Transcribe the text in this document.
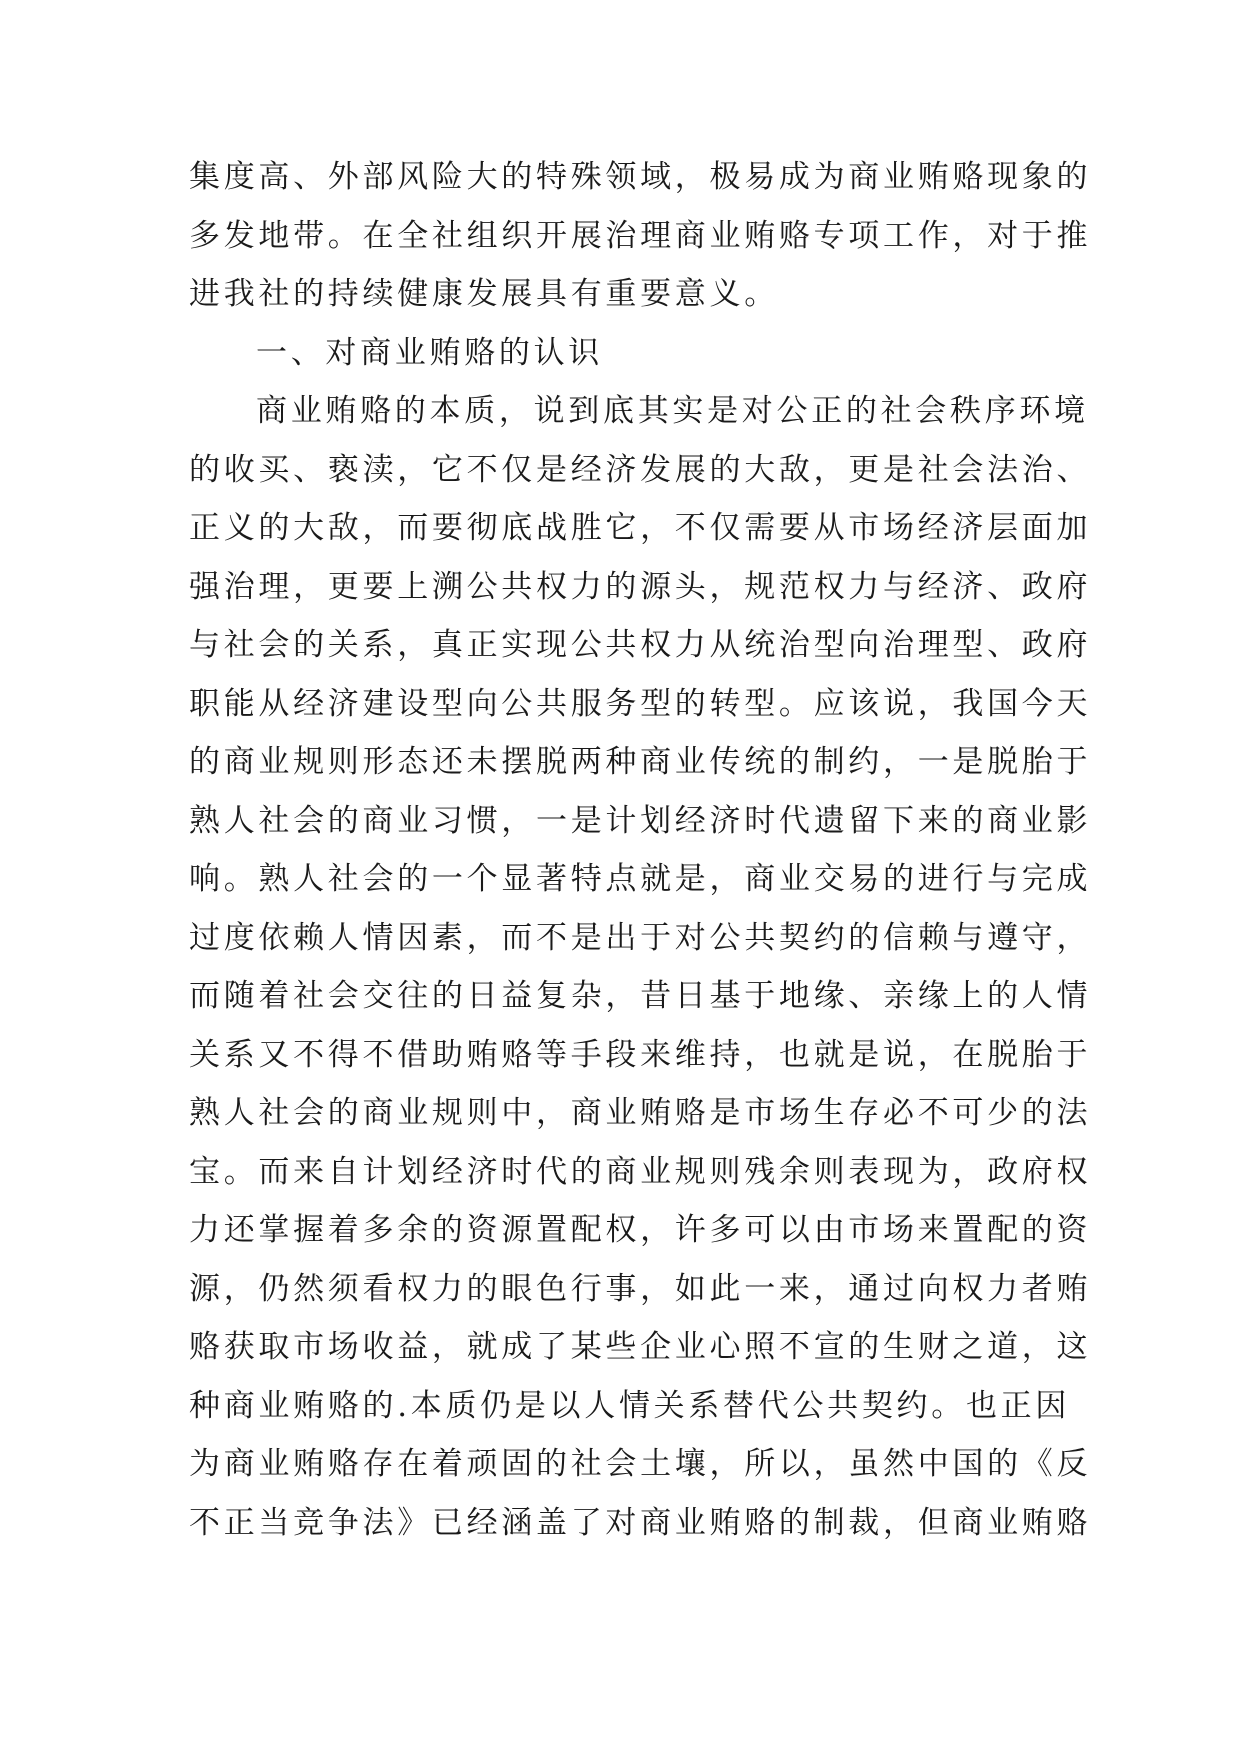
集度高、外部风险大的特殊领域，极易成为商业贿赂现象的
多发地带。在全社组织开展治理商业贿赂专项工作，对于推
进我社的持续健康发展具有重要意义。
一、对商业贿赂的认识
商业贿赂的本质，说到底其实是对公正的社会秩序环境
的收买、亵渎，它不仅是经济发展的大敌，更是社会法治、
正义的大敌，而要彻底战胜它，不仅需要从市场经济层面加
强治理，更要上溯公共权力的源头，规范权力与经济、政府
与社会的关系，真正实现公共权力从统治型向治理型、政府
职能从经济建设型向公共服务型的转型。应该说，我国今天
的商业规则形态还未摆脱两种商业传统的制约，一是脱胎于
熟人社会的商业习惯，一是计划经济时代遗留下来的商业影
响。熟人社会的一个显著特点就是，商业交易的进行与完成
过度依赖人情因素，而不是出于对公共契约的信赖与遵守，
而随着社会交往的日益复杂，昔日基于地缘、亲缘上的人情
关系又不得不借助贿赂等手段来维持，也就是说，在脱胎于
熟人社会的商业规则中，商业贿赂是市场生存必不可少的法
宝。而来自计划经济时代的商业规则残余则表现为，政府权
力还掌握着多余的资源置配权，许多可以由市场来置配的资
源，仍然须看权力的眼色行事，如此一来，通过向权力者贿
赂获取市场收益，就成了某些企业心照不宣的生财之道，这
种商业贿赂的.本质仍是以人情关系替代公共契约。也正因
为商业贿赂存在着顽固的社会土壤，所以，虽然中国的《反
不正当竞争法》已经涵盖了对商业贿赂的制裁，但商业贿赂
